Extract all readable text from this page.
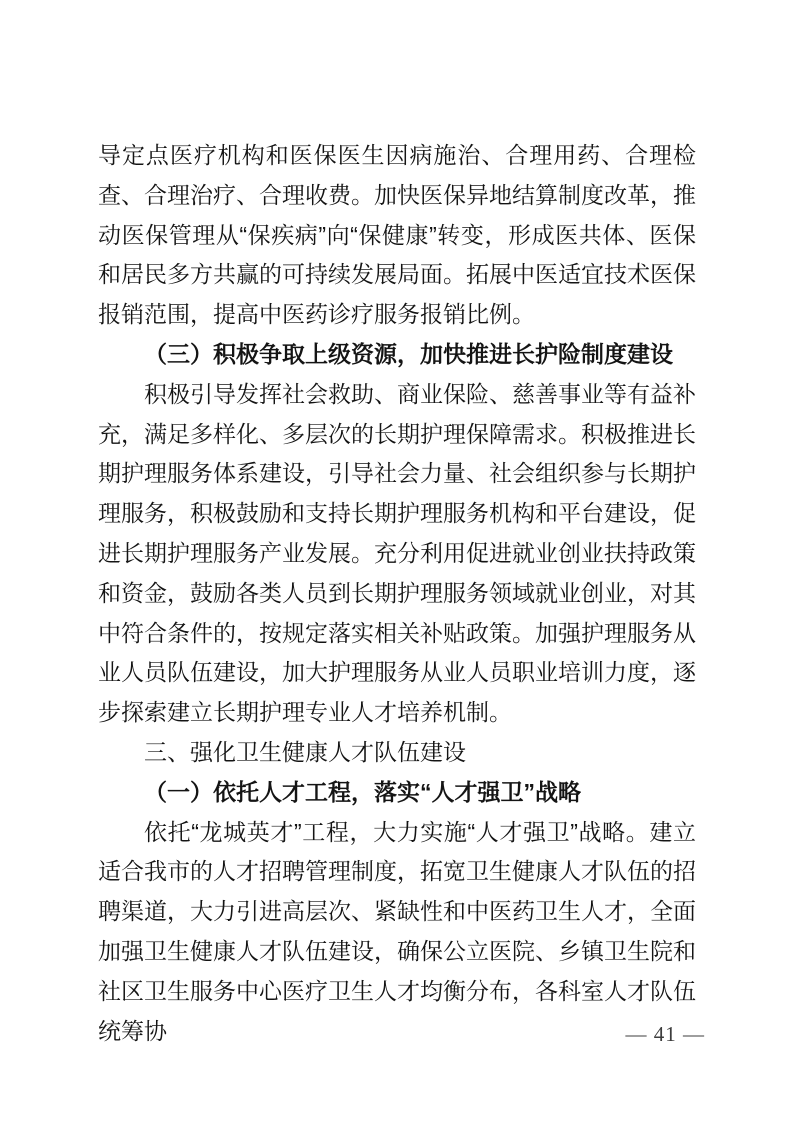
导定点医疗机构和医保医生因病施治、合理用药、合理检查、合理治疗、合理收费。加快医保异地结算制度改革，推动医保管理从“保疾病”向“保健康”转变，形成医共体、医保和居民多方共赢的可持续发展局面。拓展中医适宜技术医保报销范围，提高中医药诊疗服务报销比例。

（三）积极争取上级资源，加快推进长护险制度建设

积极引导发挥社会救助、商业保险、慈善事业等有益补充，满足多样化、多层次的长期护理保障需求。积极推进长期护理服务体系建设，引导社会力量、社会组织参与长期护理服务，积极鼓励和支持长期护理服务机构和平台建设，促进长期护理服务产业发展。充分利用促进就业创业扶持政策和资金，鼓励各类人员到长期护理服务领域就业创业，对其中符合条件的，按规定落实相关补贴政策。加强护理服务从业人员队伍建设，加大护理服务从业人员职业培训力度，逐步探索建立长期护理专业人才培养机制。

三、强化卫生健康人才队伍建设

（一）依托人才工程，落实“人才强卫”战略

依托“龙城英才”工程，大力实施“人才强卫”战略。建立适合我市的人才招聘管理制度，拓宽卫生健康人才队伍的招聘渠道，大力引进高层次、紧缺性和中医药卫生人才，全面加强卫生健康人才队伍建设，确保公立医院、乡镇卫生院和社区卫生服务中心医疗卫生人才均衡分布，各科室人才队伍统筹协	— 41 —
